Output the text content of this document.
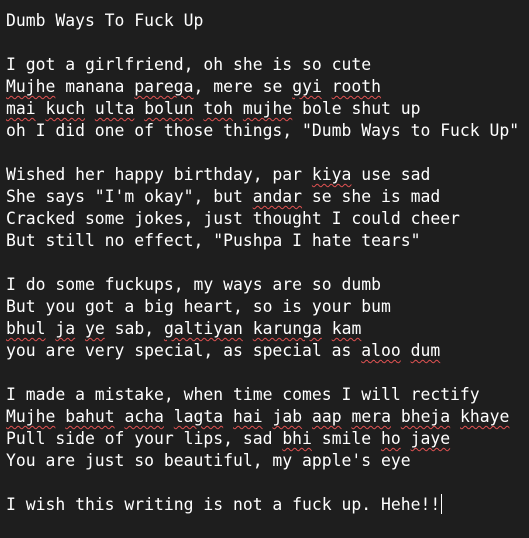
Dumb Ways To Fuck Up

I got a girlfriend, oh she is so cute
Mujhe manana parega, mere se gyi rooth
mai kuch ulta bolun toh mujhe bole shut up
oh I did one of those things, "Dumb Ways to Fuck Up"

Wished her happy birthday, par kiya use sad
She says "I'm okay", but andar se she is mad
Cracked some jokes, just thought I could cheer
But still no effect, "Pushpa I hate tears"

I do some fuckups, my ways are so dumb
But you got a big heart, so is your bum
bhul ja ye sab, galtiyan karunga kam
you are very special, as special as aloo dum

I made a mistake, when time comes I will rectify
Mujhe bahut acha lagta hai jab aap mera bheja khaye
Pull side of your lips, sad bhi smile ho jaye
You are just so beautiful, my apple's eye

I wish this writing is not a fuck up. Hehe!!
